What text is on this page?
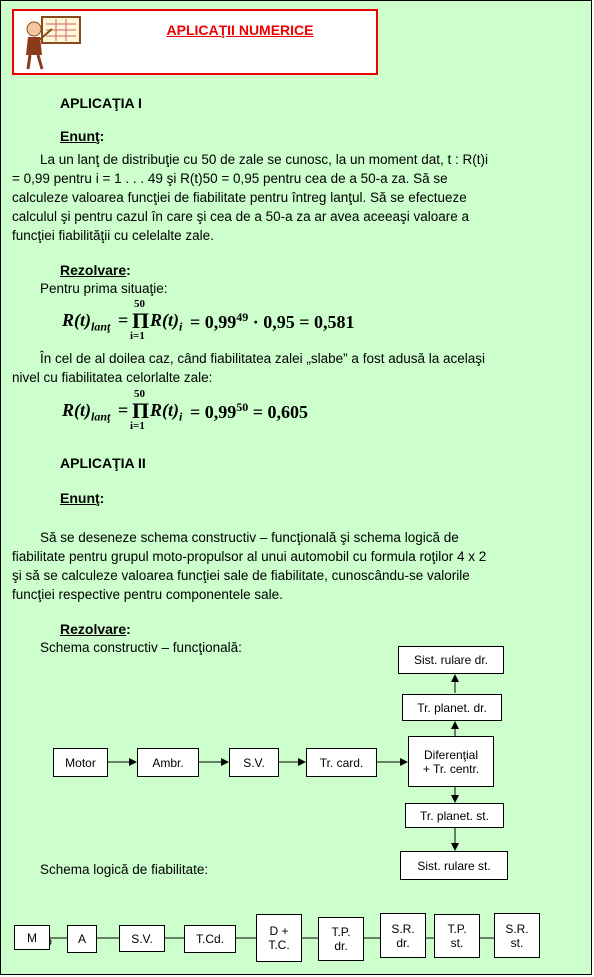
APLICAŢII NUMERICE
APLICAŢIA I
Enunţ:
La un lanţ de distribuţie cu 50 de zale se cunosc, la un moment dat, t : R(t)i
= 0,99 pentru i = 1 . . . 49 şi R(t)50 = 0,95 pentru cea de a 50-a za. Să se
calculeze valoarea funcţiei de fiabilitate pentru întreg lanţul. Să se efectueze
calculul şi pentru cazul în care şi cea de a 50-a za ar avea aceeaşi valoare a
funcţiei fiabilităţii cu celelalte zale.
Rezolvare:
Pentru prima situaţie:
$R(t)_{lanţ}$ =
50
Π
i=1
$R(t)_i = 0,99^{49} \cdot 0,95 = 0,581$
În cel de al doilea caz, când fiabilitatea zalei „slabe” a fost adusă la acelaşi
nivel cu fiabilitatea celorlalte zale:
$R(t)_{lanţ}$ =
50
Π
i=1
$R(t)_i = 0,99^{50} = 0,605$
APLICAŢIA II
Enunţ:
Să se deseneze schema constructiv – funcţională şi schema logică de
fiabilitate pentru grupul moto-propulsor al unui automobil cu formula roţilor 4 x 2
şi să se calculeze valoarea funcţiei sale de fiabilitate, cunoscându-se valorile
funcţiei respective pentru componentele sale.
Rezolvare:
Schema constructiv – funcţională:
Motor	Ambr.	S.V.	Tr. card.
Diferenţial
+ Tr. centr.
Tr. planet. dr.
Sist. rulare dr.
Tr. planet. st.
Sist. rulare st.
Schema logică de fiabilitate:
M	A	S.V.	T.Cd.
D +
T.C.
T.P.
dr.
S.R.
dr.
T.P.
st.
S.R.
st.
